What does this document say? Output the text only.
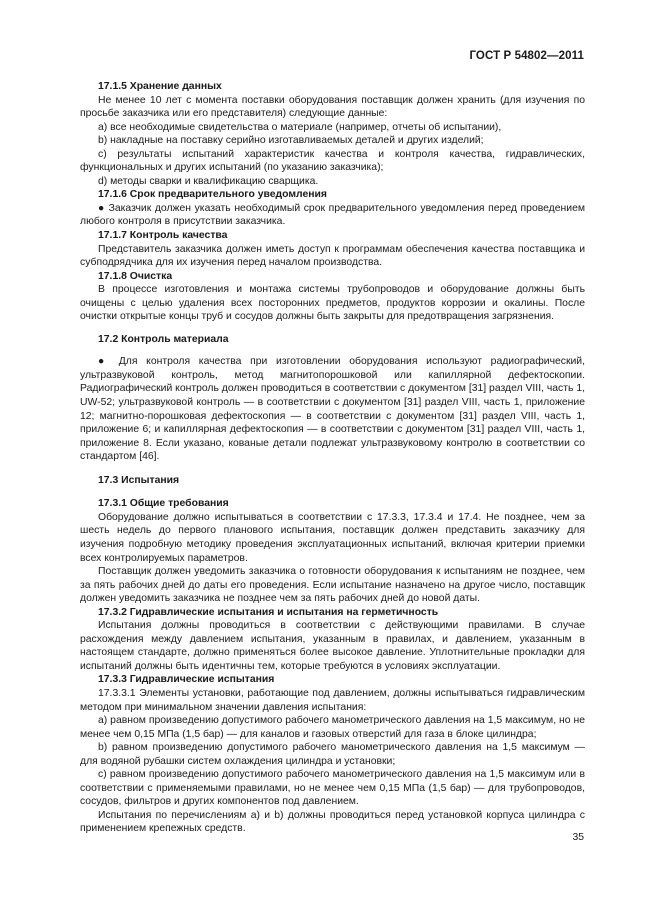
ГОСТ Р 54802—2011

17.1.5 Хранение данных

Не менее 10 лет с момента поставки оборудования поставщик должен хранить (для изучения по просьбе заказчика или его представителя) следующие данные:

a) все необходимые свидетельства о материале (например, отчеты об испытании),

b) накладные на поставку серийно изготавливаемых деталей и других изделий;

c) результаты испытаний характеристик качества и контроля качества, гидравлических, функциональных и других испытаний (по указанию заказчика);

d) методы сварки и квалификацию сварщика.

17.1.6 Срок предварительного уведомления

● Заказчик должен указать необходимый срок предварительного уведомления перед проведением любого контроля в присутствии заказчика.

17.1.7 Контроль качества

Представитель заказчика должен иметь доступ к программам обеспечения качества поставщика и субподрядчика для их изучения перед началом производства.

17.1.8 Очистка

В процессе изготовления и монтажа системы трубопроводов и оборудование должны быть очищены с целью удаления всех посторонних предметов, продуктов коррозии и окалины. После очистки открытые концы труб и сосудов должны быть закрыты для предотвращения загрязнения.

17.2 Контроль материала

● Для контроля качества при изготовлении оборудования используют радиографический, ультразвуковой контроль, метод магнитопорошковой или капиллярной дефектоскопии. Радиографический контроль должен проводиться в соответствии с документом [31] раздел VIII, часть 1, UW-52; ультразвуковой контроль — в соответствии с документом [31] раздел VIII, часть 1, приложение 12; магнитно-порошковая дефектоскопия — в соответствии с документом [31] раздел VIII, часть 1, приложение 6; и капиллярная дефектоскопия — в соответствии с документом [31] раздел VIII, часть 1, приложение 8. Если указано, кованые детали подлежат ультразвуковому контролю в соответствии со стандартом [46].

17.3 Испытания

17.3.1 Общие требования

Оборудование должно испытываться в соответствии с 17.3.3, 17.3.4 и 17.4. Не позднее, чем за шесть недель до первого планового испытания, поставщик должен представить заказчику для изучения подробную методику проведения эксплуатационных испытаний, включая критерии приемки всех контролируемых параметров.

Поставщик должен уведомить заказчика о готовности оборудования к испытаниям не позднее, чем за пять рабочих дней до даты его проведения. Если испытание назначено на другое число, поставщик должен уведомить заказчика не позднее чем за пять рабочих дней до новой даты.

17.3.2 Гидравлические испытания и испытания на герметичность

Испытания должны проводиться в соответствии с действующими правилами. В случае расхождения между давлением испытания, указанным в правилах, и давлением, указанным в настоящем стандарте, должно применяться более высокое давление. Уплотнительные прокладки для испытаний должны быть идентичны тем, которые требуются в условиях эксплуатации.

17.3.3 Гидравлические испытания

17.3.3.1 Элементы установки, работающие под давлением, должны испытываться гидравлическим методом при минимальном значении давления испытания:

a) равном произведению допустимого рабочего манометрического давления на 1,5 максимум, но не менее чем 0,15 МПа (1,5 бар) — для каналов и газовых отверстий для газа в блоке цилиндра;

b) равном произведению допустимого рабочего манометрического давления на 1,5 максимум — для водяной рубашки систем охлаждения цилиндра и установки;

c) равном произведению допустимого рабочего манометрического давления на 1,5 максимум или в соответствии с применяемыми правилами, но не менее чем 0,15 МПа (1,5 бар) — для трубопроводов, сосудов, фильтров и других компонентов под давлением.

Испытания по перечислениям a) и b) должны проводиться перед установкой корпуса цилиндра с применением крепежных средств.

35
